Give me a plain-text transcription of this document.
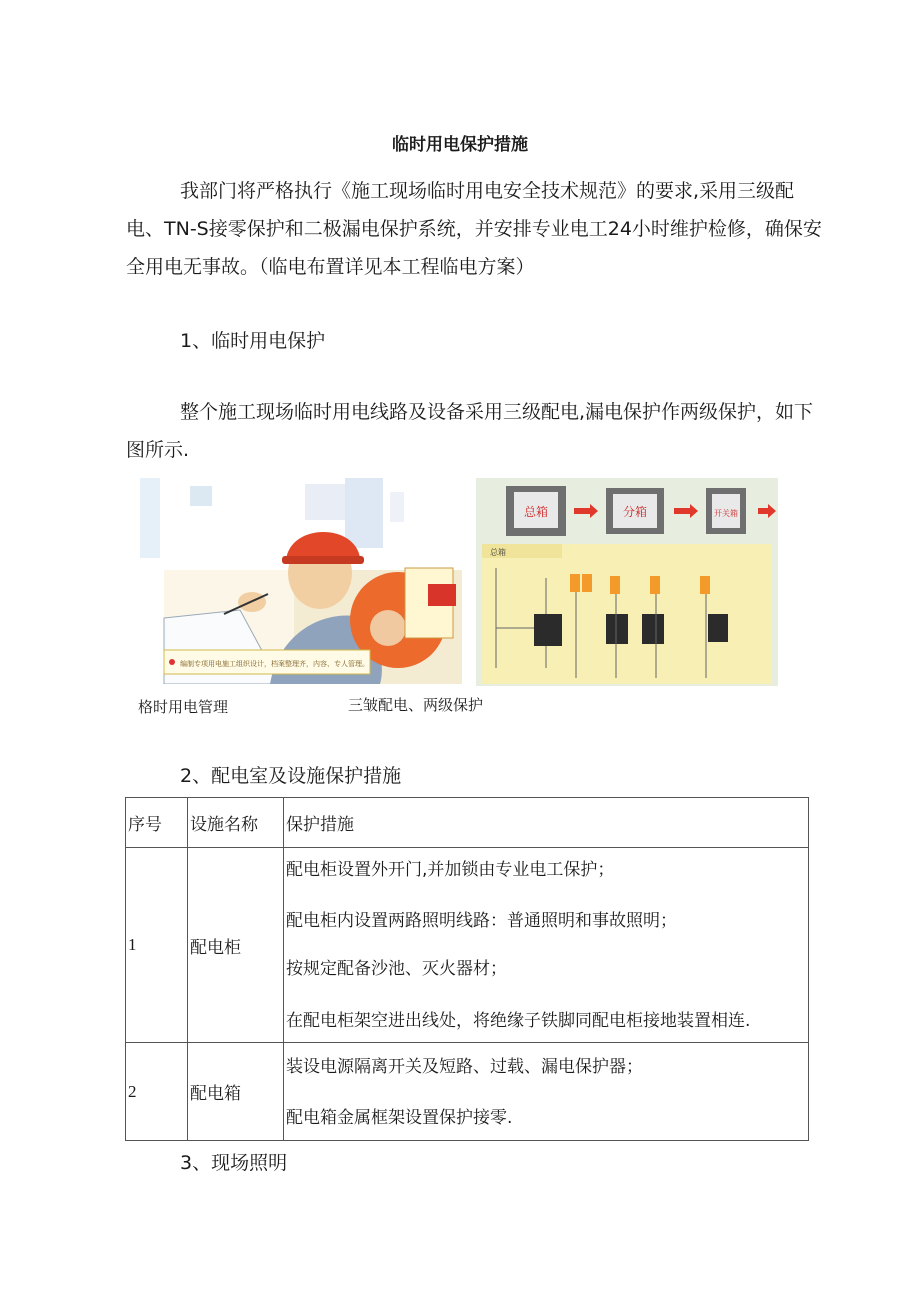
临时用电保护措施
我部门将严格执行《施工现场临时用电安全技术规范》的要求,采用三级配电、TN-S接零保护和二极漏电保护系统，并安排专业电工24小时维护检修，确保安全用电无事故。（临电布置详见本工程临电方案）
1、临时用电保护
整个施工现场临时用电线路及设备采用三级配电,漏电保护作两级保护，如下图所示.
编制专项用电施工组织设计，档案整理齐，内容、专人管理。
总箱	分箱	开关箱
总箱
格时用电管理	三皱配电、两级保护
2、配电室及设施保护措施
序号	设施名称	保护措施
1	配电柜	配电柜设置外开门,并加锁由专业电工保护；
配电柜内设置两路照明线路：普通照明和事故照明；
按规定配备沙池、灭火器材；
在配电柜架空进出线处，将绝缘子铁脚同配电柜接地装置相连.

2	配电箱	装设电源隔离开关及短路、过载、漏电保护器；
配电箱金属框架设置保护接零.
3、现场照明
